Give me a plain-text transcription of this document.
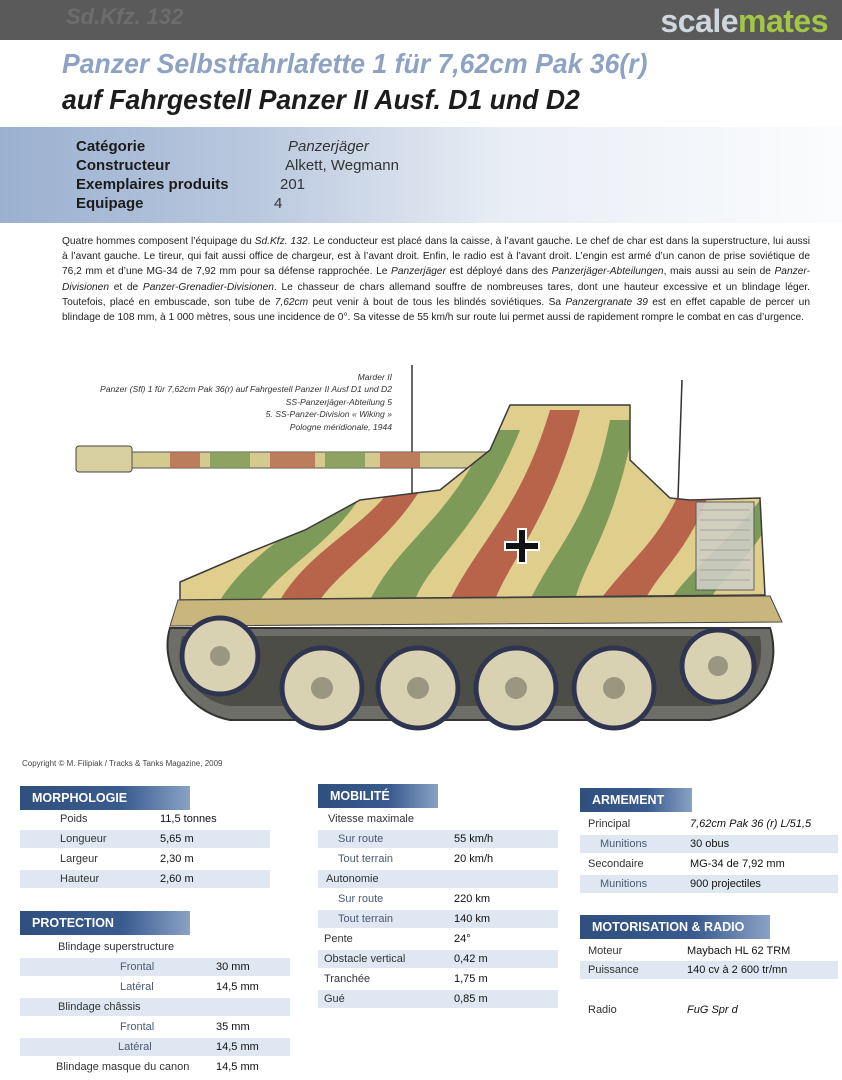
Sd.Kfz. 132	scalemates
Panzer Selbstfahrlafette 1 für 7,62cm Pak 36(r)
auf Fahrgestell Panzer II Ausf. D1 und D2
Catégorie	Panzerjäger
Constructeur	Alkett, Wegmann
Exemplaires produits	201
Equipage	4

Quatre hommes composent l’équipage du Sd.Kfz. 132. Le conducteur est placé dans la caisse, à l’avant gauche. Le chef de char est dans la superstructure, lui aussi à l’avant gauche. Le tireur, qui fait aussi office de chargeur, est à l’avant droit. Enfin, le radio est à l’avant droit. L’engin est armé d’un canon de prise soviétique de 76,2 mm et d’une MG-34 de 7,92 mm pour sa défense rapprochée. Le Panzerjäger est déployé dans des Panzerjäger-Abteilungen, mais aussi au sein de Panzer-Divisionen et de Panzer-Grenadier-Divisionen. Le chasseur de chars allemand souffre de nombreuses tares, dont une hauteur excessive et un blindage léger. Toutefois, placé en embuscade, son tube de 7,62cm peut venir à bout de tous les blindés soviétiques. Sa Panzergranate 39 est en effet capable de percer un blindage de 108 mm, à 1 000 mètres, sous une incidence de 0°. Sa vitesse de 55 km/h sur route lui permet aussi de rapidement rompre le combat en cas d’urgence.

Marder II
Panzer (Sfl) 1 für 7,62cm Pak 36(r) auf Fahrgestell Panzer II Ausf D1 und D2
SS-Panzerjäger-Abteilung 5
5. SS-Panzer-Division « Wiking »
Pologne méridionale, 1944
Copyright © M. Filipiak / Tracks & Tanks Magazine, 2009
MORPHOLOGIE
Poids	11,5 tonnes
Longueur	5,65 m
Largeur	2,30 m
Hauteur	2,60 m
PROTECTION
Blindage superstructure
Frontal	30 mm
Latéral	14,5 mm
Blindage châssis
Frontal	35 mm
Latéral	14,5 mm
Blindage masque du canon 14,5 mm
MOBILITÉ
Vitesse maximale
Sur route	55 km/h
Tout terrain	20 km/h
Autonomie
Sur route	220 km
Tout terrain	140 km
Pente	24°
Obstacle vertical	0,42 m
Tranchée	1,75 m
Gué	0,85 m
ARMEMENT
Principal	7,62cm Pak 36 (r) L/51,5
Munitions	30 obus
Secondaire	MG-34 de 7,92 mm
Munitions	900 projectiles
MOTORISATION & RADIO
Moteur	Maybach HL 62 TRM
Puissance	140 cv à 2 600 tr/mn
Radio	FuG Spr d
